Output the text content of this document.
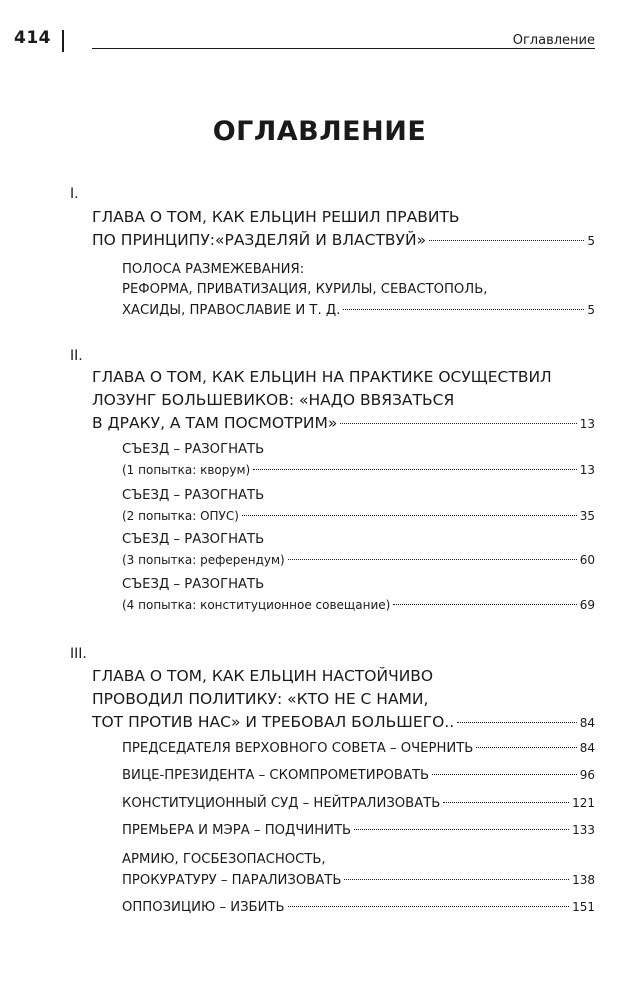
414	Оглавление
ОГЛАВЛЕНИЕ
I.
ГЛАВА О ТОМ, КАК ЕЛЬЦИН РЕШИЛ ПРАВИТЬ
ПО ПРИНЦИПУ:«РАЗДЕЛЯЙ И ВЛАСТВУЙ»	5
ПОЛОСА РАЗМЕЖЕВАНИЯ:
РЕФОРМА, ПРИВАТИЗАЦИЯ, КУРИЛЫ, СЕВАСТОПОЛЬ,
ХАСИДЫ, ПРАВОСЛАВИЕ И Т. Д.	5
II.
ГЛАВА О ТОМ, КАК ЕЛЬЦИН НА ПРАКТИКЕ ОСУЩЕСТВИЛ
ЛОЗУНГ БОЛЬШЕВИКОВ: «НАДО ВВЯЗАТЬСЯ
В ДРАКУ, А ТАМ ПОСМОТРИМ»	13
СЪЕЗД – РАЗОГНАТЬ
(1 попытка: кворум)	13
СЪЕЗД – РАЗОГНАТЬ
(2 попытка: ОПУС)	35
СЪЕЗД – РАЗОГНАТЬ
(3 попытка: референдум)	60
СЪЕЗД – РАЗОГНАТЬ
(4 попытка: конституционное совещание)	69
III.
ГЛАВА О ТОМ, КАК ЕЛЬЦИН НАСТОЙЧИВО
ПРОВОДИЛ ПОЛИТИКУ: «КТО НЕ С НАМИ,
ТОТ ПРОТИВ НАС» И ТРЕБОВАЛ БОЛЬШЕГО..	84
ПРЕДСЕДАТЕЛЯ ВЕРХОВНОГО СОВЕТА – ОЧЕРНИТЬ	84
ВИЦЕ-ПРЕЗИДЕНТА – СКОМПРОМЕТИРОВАТЬ	96
КОНСТИТУЦИОННЫЙ СУД – НЕЙТРАЛИЗОВАТЬ	121
ПРЕМЬЕРА И МЭРА – ПОДЧИНИТЬ	133
АРМИЮ, ГОСБЕЗОПАСНОСТЬ,
ПРОКУРАТУРУ – ПАРАЛИЗОВАТЬ	138
ОППОЗИЦИЮ – ИЗБИТЬ	151
